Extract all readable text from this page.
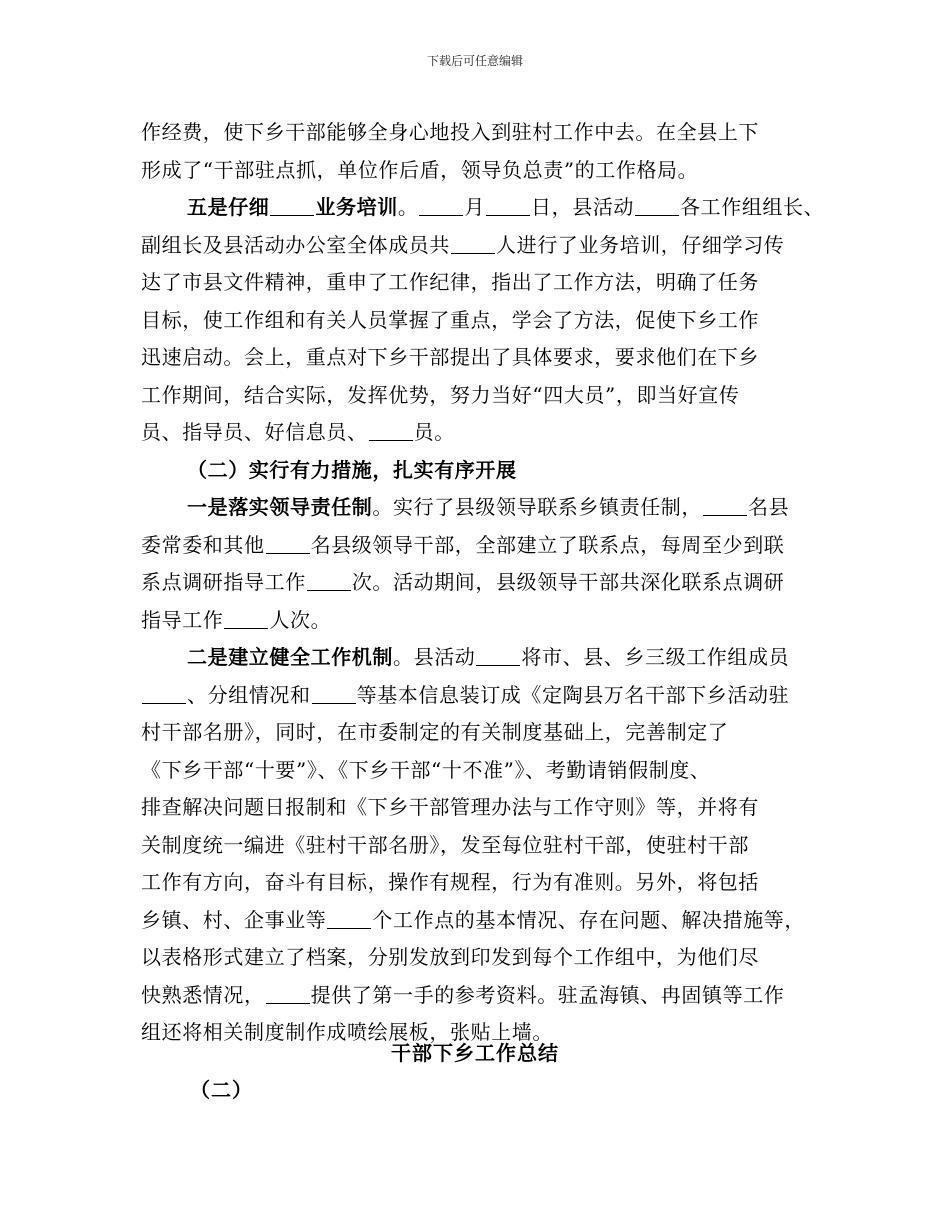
下载后可任意编辑
作经费，使下乡干部能够全身心地投入到驻村工作中去。在全县上下
形成了“干部驻点抓，单位作后盾，领导负总责”的工作格局。
五是仔细 业务培训。 月 日，县活动 各工作组组长、
副组长及县活动办公室全体成员共 人进行了业务培训，仔细学习传
达了市县文件精神，重申了工作纪律，指出了工作方法，明确了任务
目标，使工作组和有关人员掌握了重点，学会了方法，促使下乡工作
迅速启动。会上，重点对下乡干部提出了具体要求，要求他们在下乡
工作期间，结合实际，发挥优势，努力当好“四大员”，即当好宣传
员、指导员、好信息员、 员。
（二）实行有力措施，扎实有序开展
一是落实领导责任制。实行了县级领导联系乡镇责任制， 名县
委常委和其他 名县级领导干部，全部建立了联系点，每周至少到联
系点调研指导工作 次。活动期间，县级领导干部共深化联系点调研
指导工作 人次。
二是建立健全工作机制。县活动 将市、县、乡三级工作组成员
、分组情况和 等基本信息装订成《定陶县万名干部下乡活动驻
村干部名册》，同时，在市委制定的有关制度基础上，完善制定了
《下乡干部“十要”》、《下乡干部“十不准”》、考勤请销假制度、
排查解决问题日报制和《下乡干部管理办法与工作守则》等，并将有
关制度统一编进《驻村干部名册》，发至每位驻村干部，使驻村干部
工作有方向，奋斗有目标，操作有规程，行为有准则。另外，将包括
乡镇、村、企事业等 个工作点的基本情况、存在问题、解决措施等，
以表格形式建立了档案，分别发放到印发到每个工作组中，为他们尽
快熟悉情况， 提供了第一手的参考资料。驻孟海镇、冉固镇等工作
组还将相关制度制作成喷绘展板，张贴上墙。
干部下乡工作总结
（二）
